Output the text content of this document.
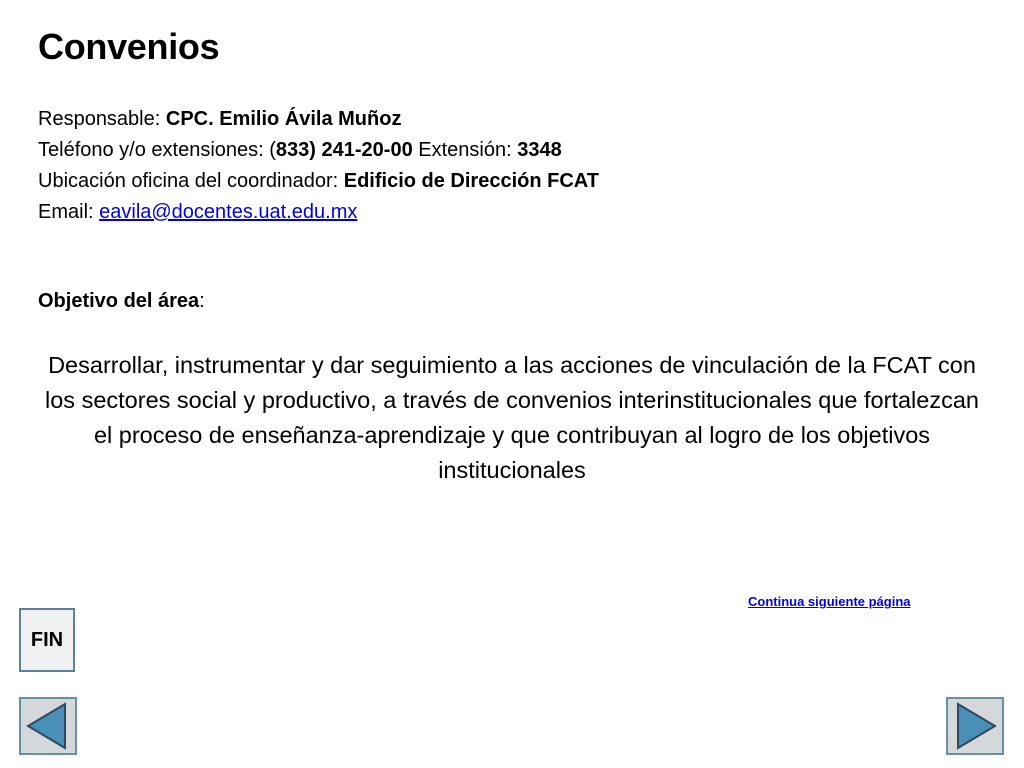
Convenios
Responsable: CPC. Emilio Ávila Muñoz
Teléfono y/o extensiones: (833) 241-20-00 Extensión: 3348
Ubicación oficina del coordinador: Edificio de Dirección FCAT
Email: eavila@docentes.uat.edu.mx
Objetivo del área:
Desarrollar, instrumentar y dar seguimiento a las acciones de vinculación de la FCAT con los sectores social y productivo, a través de convenios interinstitucionales que fortalezcan el proceso de enseñanza-aprendizaje y que contribuyan al logro de los objetivos institucionales
Continua siguiente página
FIN
